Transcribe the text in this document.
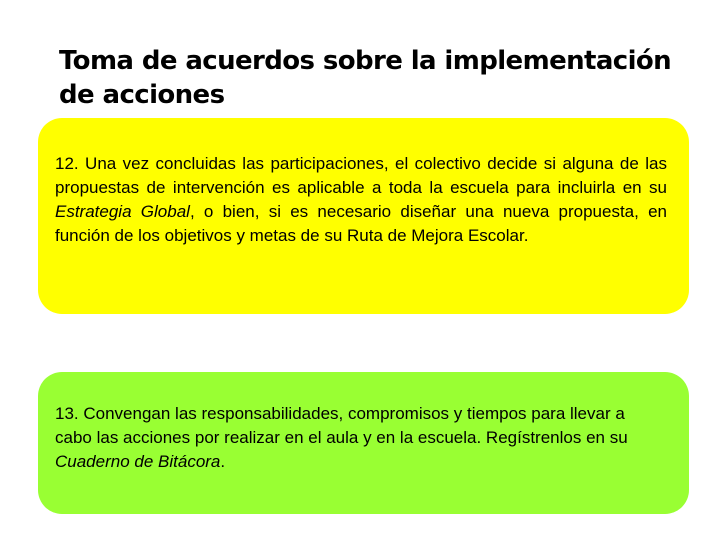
Toma de acuerdos sobre la implementación de acciones

12. Una vez concluidas las participaciones, el colectivo decide si alguna de las propuestas de intervención es aplicable a toda la escuela para incluirla en su Estrategia Global, o bien, si es necesario diseñar una nueva propuesta, en función de los objetivos y metas de su Ruta de Mejora Escolar.

13. Convengan las responsabilidades, compromisos y tiempos para llevar a cabo las acciones por realizar en el aula y en la escuela. Regístrenlos en su Cuaderno de Bitácora.
